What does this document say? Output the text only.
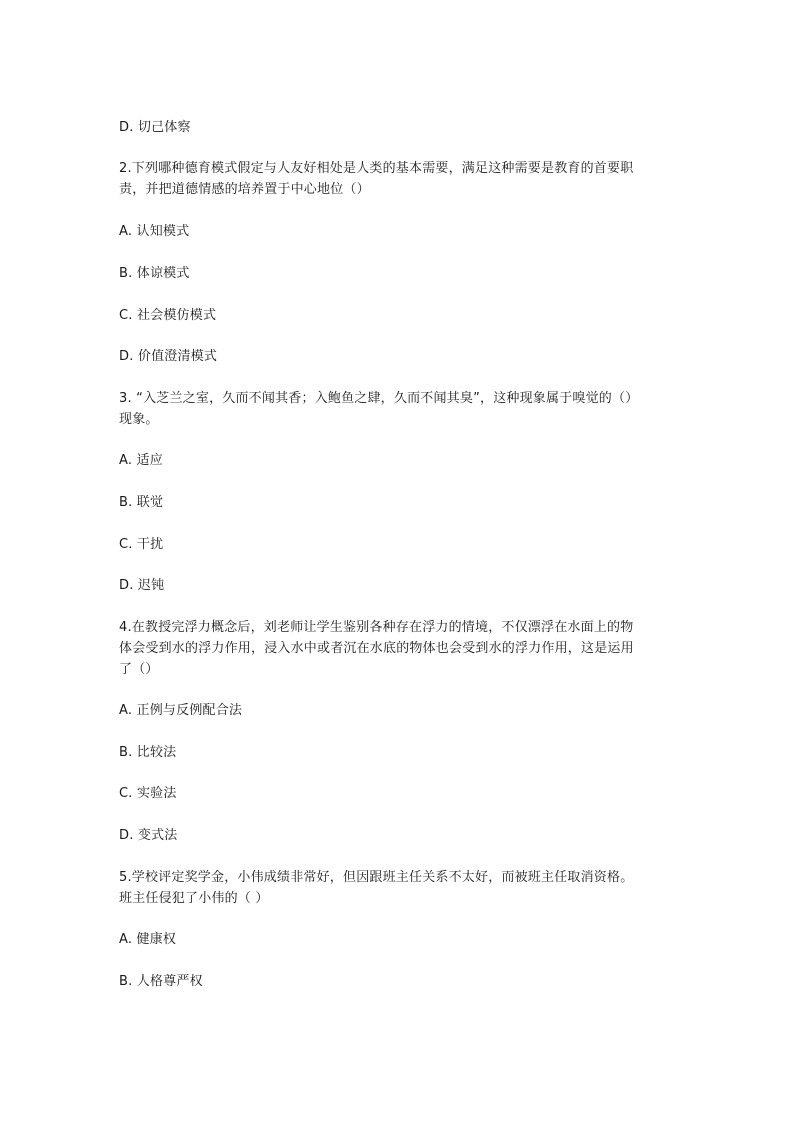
D. 切己体察
2.下列哪种德育模式假定与人友好相处是人类的基本需要，满足这种需要是教育的首要职
责，并把道德情感的培养置于中心地位（）
A. 认知模式
B. 体谅模式
C. 社会模仿模式
D. 价值澄清模式
3. “入芝兰之室，久而不闻其香；入鲍鱼之肆，久而不闻其臭”，这种现象属于嗅觉的（）
现象。
A. 适应
B. 联觉
C. 干扰
D. 迟钝
4.在教授完浮力概念后，刘老师让学生鉴别各种存在浮力的情境，不仅漂浮在水面上的物
体会受到水的浮力作用，浸入水中或者沉在水底的物体也会受到水的浮力作用，这是运用
了（）
A. 正例与反例配合法
B. 比较法
C. 实验法
D. 变式法
5.学校评定奖学金，小伟成绩非常好，但因跟班主任关系不太好，而被班主任取消资格。
班主任侵犯了小伟的（ ）
A. 健康权
B. 人格尊严权
